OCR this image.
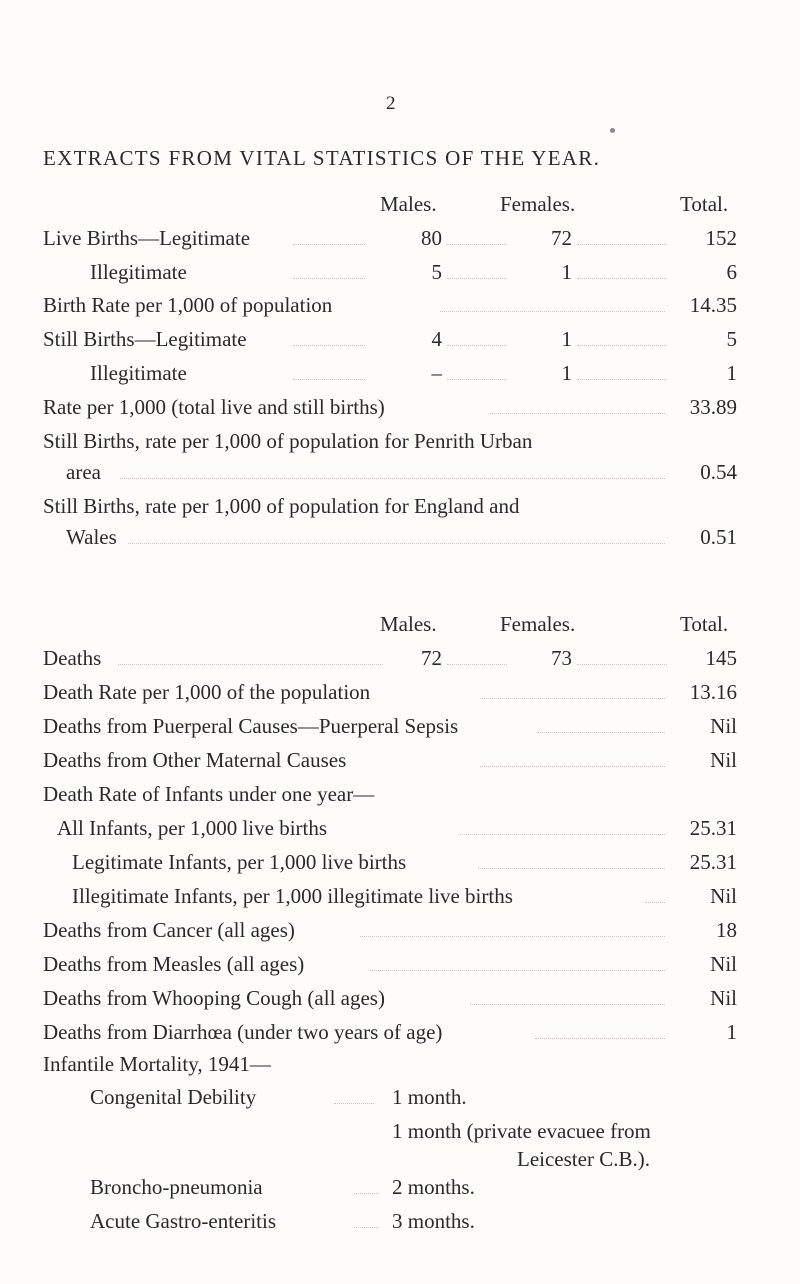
2
EXTRACTS FROM VITAL STATISTICS OF THE YEAR.
Males.	Females.	Total.
Live Births—Legitimate	80	72	152
Illegitimate	5	1	6
Birth Rate per 1,000 of population	14.35
Still Births—Legitimate	4	1	5
Illegitimate	–	1	1
Rate per 1,000 (total live and still births)	33.89
Still Births, rate per 1,000 of population for Penrith Urban
area	0.54
Still Births, rate per 1,000 of population for England and
Wales	0.51
Males.	Females.	Total.
Deaths	72	73	145
Death Rate per 1,000 of the population	13.16
Deaths from Puerperal Causes—Puerperal Sepsis	Nil
Deaths from Other Maternal Causes	Nil
Death Rate of Infants under one year—
All Infants, per 1,000 live births	25.31
Legitimate Infants, per 1,000 live births	25.31
Illegitimate Infants, per 1,000 illegitimate live births	Nil
Deaths from Cancer (all ages)	18
Deaths from Measles (all ages)	Nil
Deaths from Whooping Cough (all ages)	Nil
Deaths from Diarrhœa (under two years of age)	1
Infantile Mortality, 1941—
Congenital Debility	1 month.
1 month (private evacuee from
Leicester C.B.).
Broncho-pneumonia	2 months.
Acute Gastro-enteritis	3 months.
